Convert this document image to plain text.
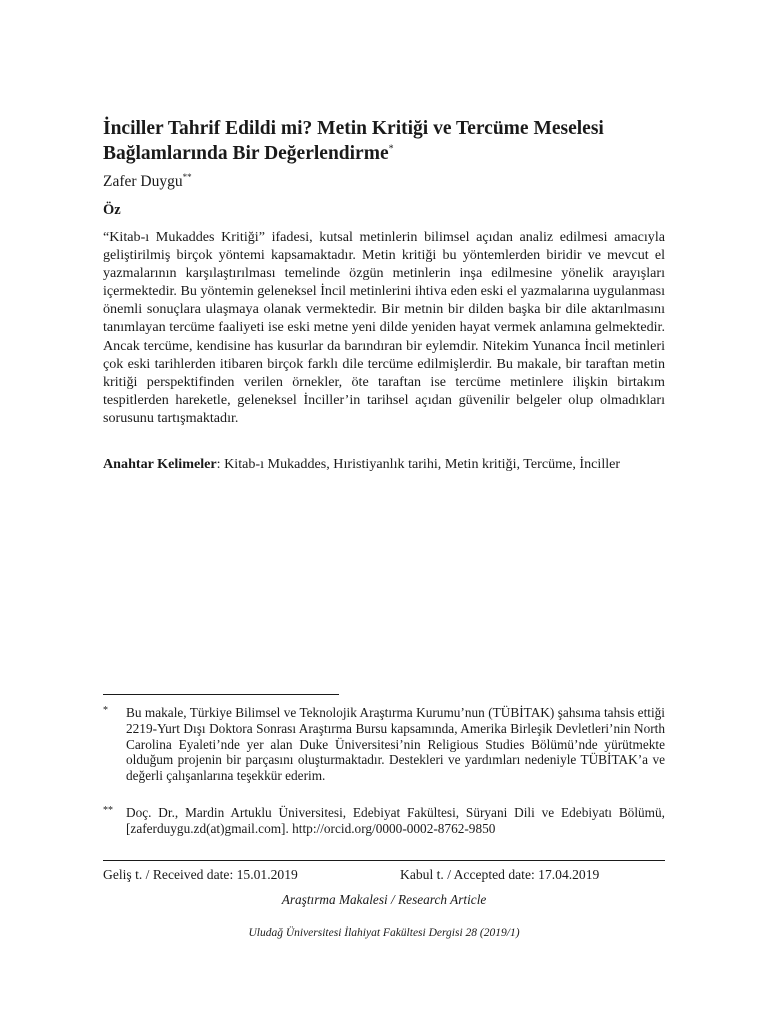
İnciller Tahrif Edildi mi? Metin Kritiği ve Tercüme Meselesi Bağlamlarında Bir Değerlendirme*
Zafer Duygu**
Öz

“Kitab-ı Mukaddes Kritiği” ifadesi, kutsal metinlerin bilimsel açıdan analiz edilmesi amacıyla geliştirilmiş birçok yöntemi kapsamaktadır. Metin kritiği bu yöntemlerden biridir ve mevcut el yazmalarının karşılaştırılması temelinde özgün metinlerin inşa edilmesine yönelik arayışları içermektedir. Bu yöntemin geleneksel İncil metinlerini ihtiva eden eski el yazmalarına uygulanması önemli sonuçlara ulaşmaya olanak vermektedir. Bir metnin bir dilden başka bir dile aktarılmasını tanımlayan tercüme faaliyeti ise eski metne yeni dilde yeniden hayat vermek anlamına gelmektedir. Ancak tercüme, kendisine has kusurlar da barındıran bir eylemdir. Nitekim Yunanca İncil metinleri çok eski tarihlerden itibaren birçok farklı dile tercüme edilmişlerdir. Bu makale, bir taraftan metin kritiği perspektifinden verilen örnekler, öte taraftan ise tercüme metinlere ilişkin birtakım tespitlerden hareketle, geleneksel İnciller’in tarihsel açıdan güvenilir belgeler olup olmadıkları sorusunu tartışmaktadır.

Anahtar Kelimeler: Kitab-ı Mukaddes, Hıristiyanlık tarihi, Metin kritiği, Tercüme, İnciller

* Bu makale, Türkiye Bilimsel ve Teknolojik Araştırma Kurumu’nun (TÜBİTAK) şahsıma tahsis ettiği 2219-Yurt Dışı Doktora Sonrası Araştırma Bursu kapsamında, Amerika Birleşik Devletleri’nin North Carolina Eyaleti’nde yer alan Duke Üniversitesi’nin Religious Studies Bölümü’nde yürütmekte olduğum projenin bir parçasını oluşturmaktadır. Destekleri ve yardımları nedeniyle TÜBİTAK’a ve değerli çalışanlarına teşekkür ederim.

** Doç. Dr., Mardin Artuklu Üniversitesi, Edebiyat Fakültesi, Süryani Dili ve Edebiyatı Bölümü, [zaferduygu.zd(at)gmail.com]. http://orcid.org/0000-0002-8762-9850

Geliş t. / Received date: 15.01.2019	Kabul t. / Accepted date: 17.04.2019
Araştırma Makalesi / Research Article
Uludağ Üniversitesi İlahiyat Fakültesi Dergisi 28 (2019/1)
